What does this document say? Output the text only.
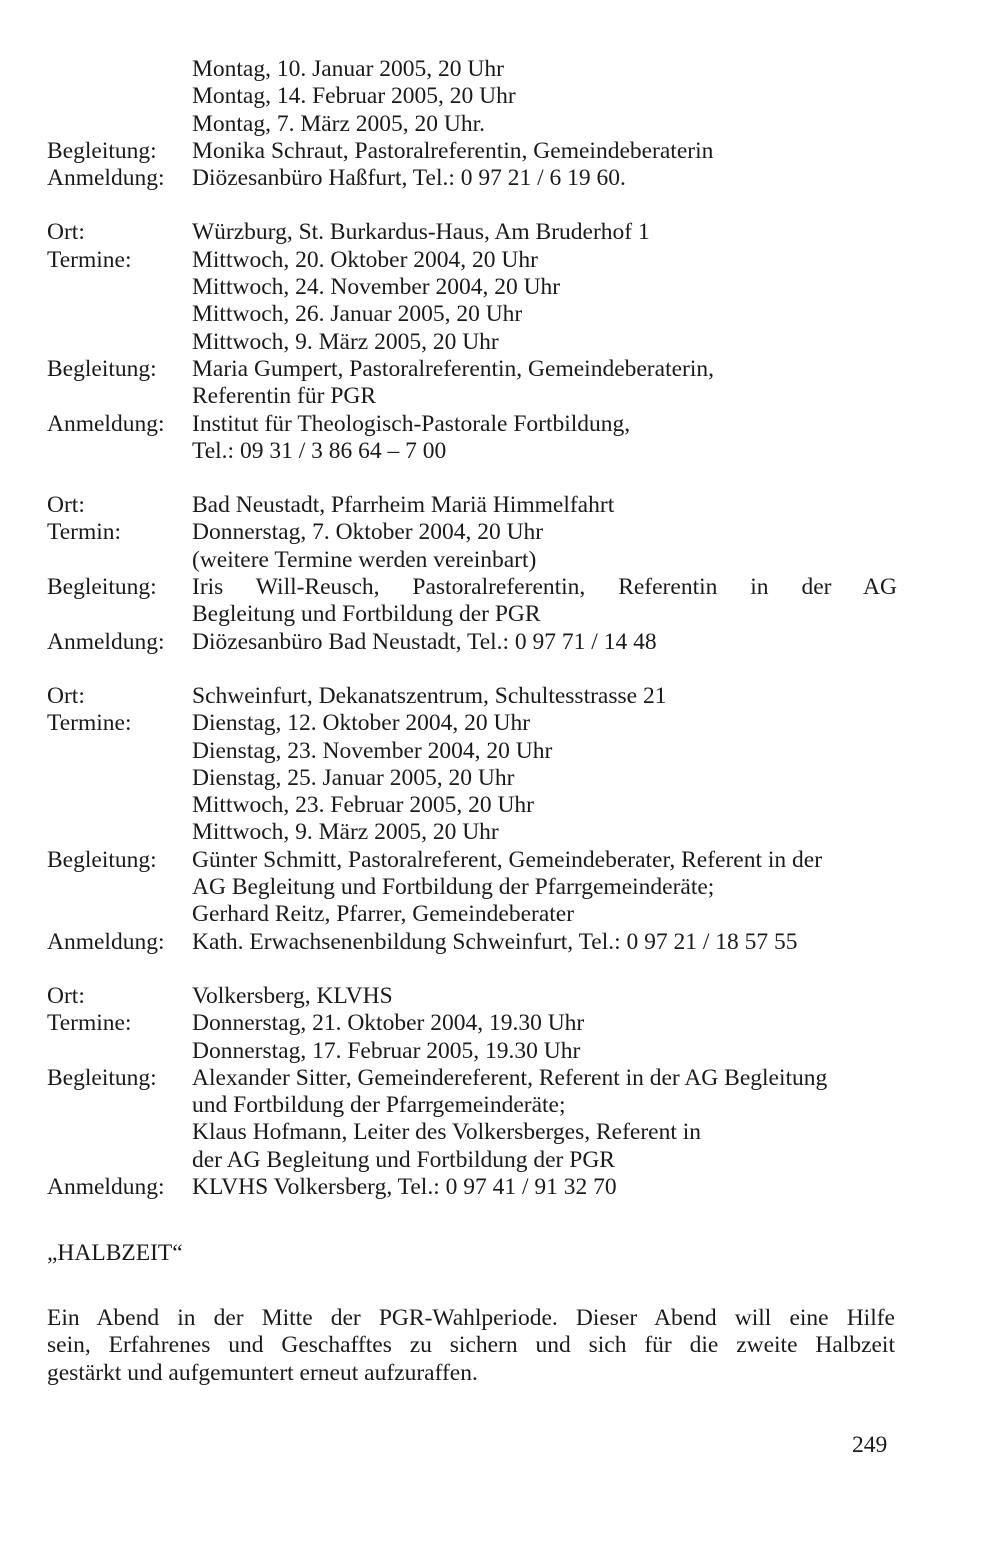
Montag, 10. Januar 2005, 20 Uhr
Montag, 14. Februar 2005, 20 Uhr
Montag, 7. März 2005, 20 Uhr.
Begleitung:	Monika Schraut, Pastoralreferentin, Gemeindeberaterin
Anmeldung:	Diözesanbüro Haßfurt, Tel.: 0 97 21 / 6 19 60.
Ort:	Würzburg, St. Burkardus-Haus, Am Bruderhof 1
Termine:	Mittwoch, 20. Oktober 2004, 20 Uhr
Mittwoch, 24. November 2004, 20 Uhr
Mittwoch, 26. Januar 2005, 20 Uhr
Mittwoch, 9. März 2005, 20 Uhr
Begleitung:	Maria Gumpert, Pastoralreferentin, Gemeindeberaterin,
Referentin für PGR
Anmeldung:	Institut für Theologisch-Pastorale Fortbildung,
Tel.: 09 31 / 3 86 64 – 7 00
Ort:	Bad Neustadt, Pfarrheim Mariä Himmelfahrt
Termin:	Donnerstag, 7. Oktober 2004, 20 Uhr
(weitere Termine werden vereinbart)
Begleitung:	Iris Will-Reusch, Pastoralreferentin, Referentin in der AG
Begleitung und Fortbildung der PGR
Anmeldung:	Diözesanbüro Bad Neustadt, Tel.: 0 97 71 / 14 48
Ort:	Schweinfurt, Dekanatszentrum, Schultesstrasse 21
Termine:	Dienstag, 12. Oktober 2004, 20 Uhr
Dienstag, 23. November 2004, 20 Uhr
Dienstag, 25. Januar 2005, 20 Uhr
Mittwoch, 23. Februar 2005, 20 Uhr
Mittwoch, 9. März 2005, 20 Uhr
Begleitung:	Günter Schmitt, Pastoralreferent, Gemeindeberater, Referent in der
AG Begleitung und Fortbildung der Pfarrgemeinderäte;
Gerhard Reitz, Pfarrer, Gemeindeberater
Anmeldung:	Kath. Erwachsenenbildung Schweinfurt, Tel.: 0 97 21 / 18 57 55
Ort:	Volkersberg, KLVHS
Termine:	Donnerstag, 21. Oktober 2004, 19.30 Uhr
Donnerstag, 17. Februar 2005, 19.30 Uhr
Begleitung:	Alexander Sitter, Gemeindereferent, Referent in der AG Begleitung
und Fortbildung der Pfarrgemeinderäte;
Klaus Hofmann, Leiter des Volkersberges, Referent in
der AG Begleitung und Fortbildung der PGR
Anmeldung:	KLVHS Volkersberg, Tel.: 0 97 41 / 91 32 70
„HALBZEIT“
Ein Abend in der Mitte der PGR-Wahlperiode. Dieser Abend will eine Hilfe
sein, Erfahrenes und Geschafftes zu sichern und sich für die zweite Halbzeit
gestärkt und aufgemuntert erneut aufzuraffen.
249
